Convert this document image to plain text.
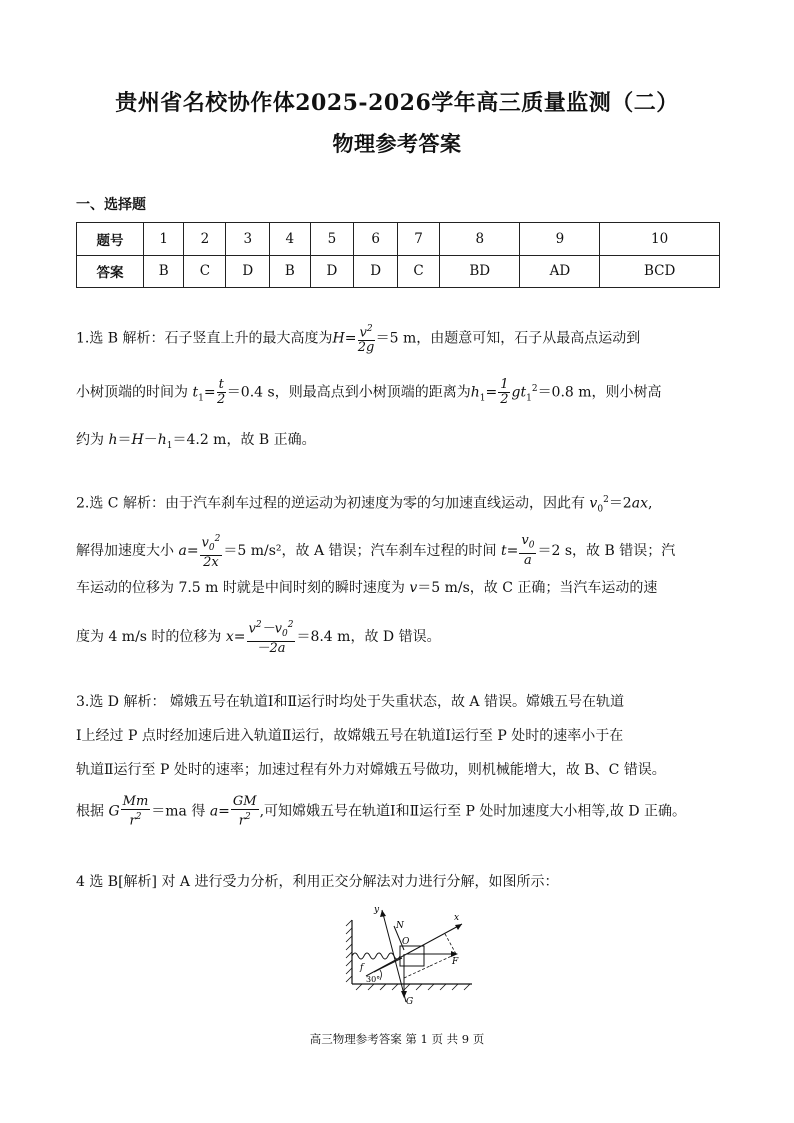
贵州省名校协作体2025-2026学年高三质量监测（二）
物理参考答案
一、选择题
题号	1	2	3	4	5	6	7	8	9	10
答案	B	C	D	B	D	D	C	BD	AD	BCD
1.选 B 解析：石子竖直上升的最大高度为$H= \frac{v^2}{2g} =5$ m，由题意可知，石子从最高点运动到
小树顶端的时间为 $t_1= \frac{t}{2} =0.4$ s，则最高点到小树顶端的距离为$h_1= \frac{1}{2} gt_1^2=0.8$ m，则小树高
约为 $h=H-h_1=4.2$ m，故 B 正确。
2.选 C 解析：由于汽车刹车过程的逆运动为初速度为零的匀加速直线运动，因此有 $v_0^2=2ax$,
解得加速度大小 $a= \frac{v_0^2}{2x} =5$ m/s²，故 A 错误；汽车刹车过程的时间 $t= \frac{v_0}{a} =2$ s，故 B 错误；汽
车运动的位移为 7.5 m 时就是中间时刻的瞬时速度为 v＝5 m/s，故 C 正确；当汽车运动的速
度为 4 m/s 时的位移为 $x= \frac{v^2-v_0^2}{-2a} =8.4$ m，故 D 错误。
3.选 D 解析： 嫦娥五号在轨道Ⅰ和Ⅱ运行时均处于失重状态，故 A 错误。嫦娥五号在轨道
Ⅰ上经过 P 点时经加速后进入轨道Ⅱ运行，故嫦娥五号在轨道Ⅰ运行至 P 处时的速率小于在
轨道Ⅱ运行至 P 处时的速率；加速过程有外力对嫦娥五号做功，则机械能增大，故 B、C 错误。
根据 G $\frac{Mm}{r^2} =ma$ 得 $a= \frac{GM}{r^2}$ ,可知嫦娥五号在轨道Ⅰ和Ⅱ运行至 P 处时加速度大小相等,故 D 正确。
4 选 B[解析] 对 A 进行受力分析，利用正交分解法对力进行分解，如图所示：
y
x
N
O
F
f
G
30°
高三物理参考答案 第 1 页 共 9 页
